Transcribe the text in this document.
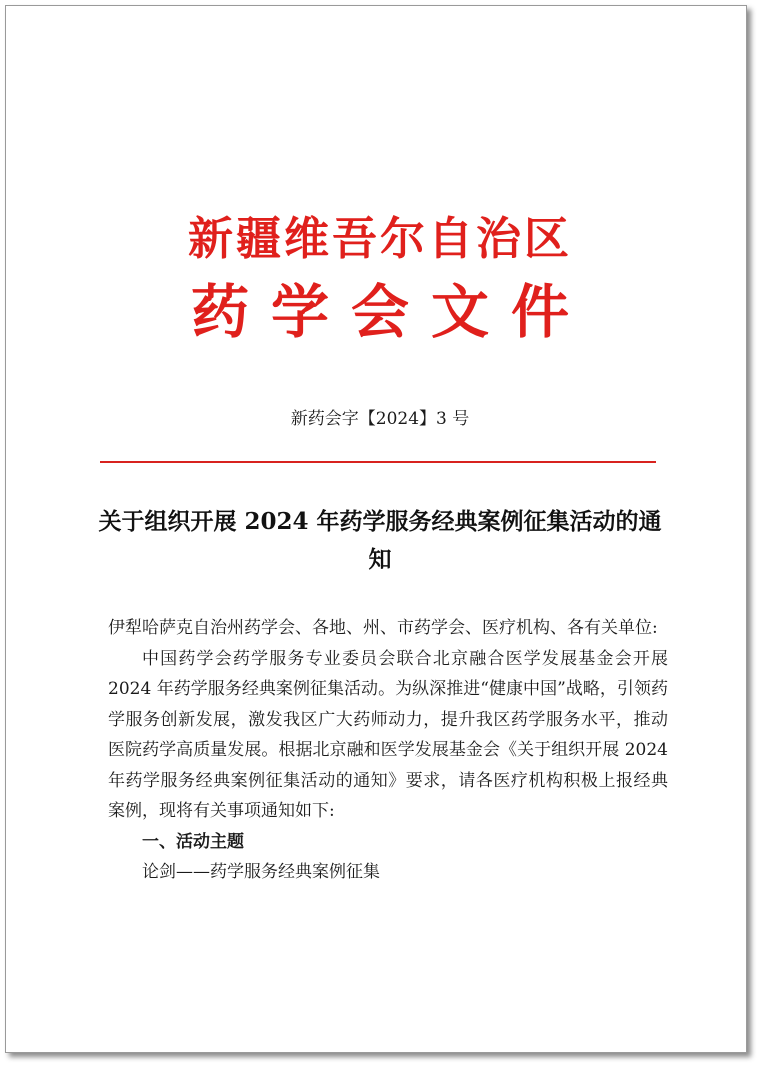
新疆维吾尔自治区
药学会文件
新药会字【2024】3 号
关于组织开展 2024 年药学服务经典案例征集活动的通知

伊犁哈萨克自治州药学会、各地、州、市药学会、医疗机构、各有关单位:

中国药学会药学服务专业委员会联合北京融合医学发展基金会开展 2024 年药学服务经典案例征集活动。为纵深推进“健康中国”战略，引领药学服务创新发展，激发我区广大药师动力，提升我区药学服务水平，推动医院药学高质量发展。根据北京融和医学发展基金会《关于组织开展 2024 年药学服务经典案例征集活动的通知》要求，请各医疗机构积极上报经典案例，现将有关事项通知如下:

一、活动主题

论剑——药学服务经典案例征集
